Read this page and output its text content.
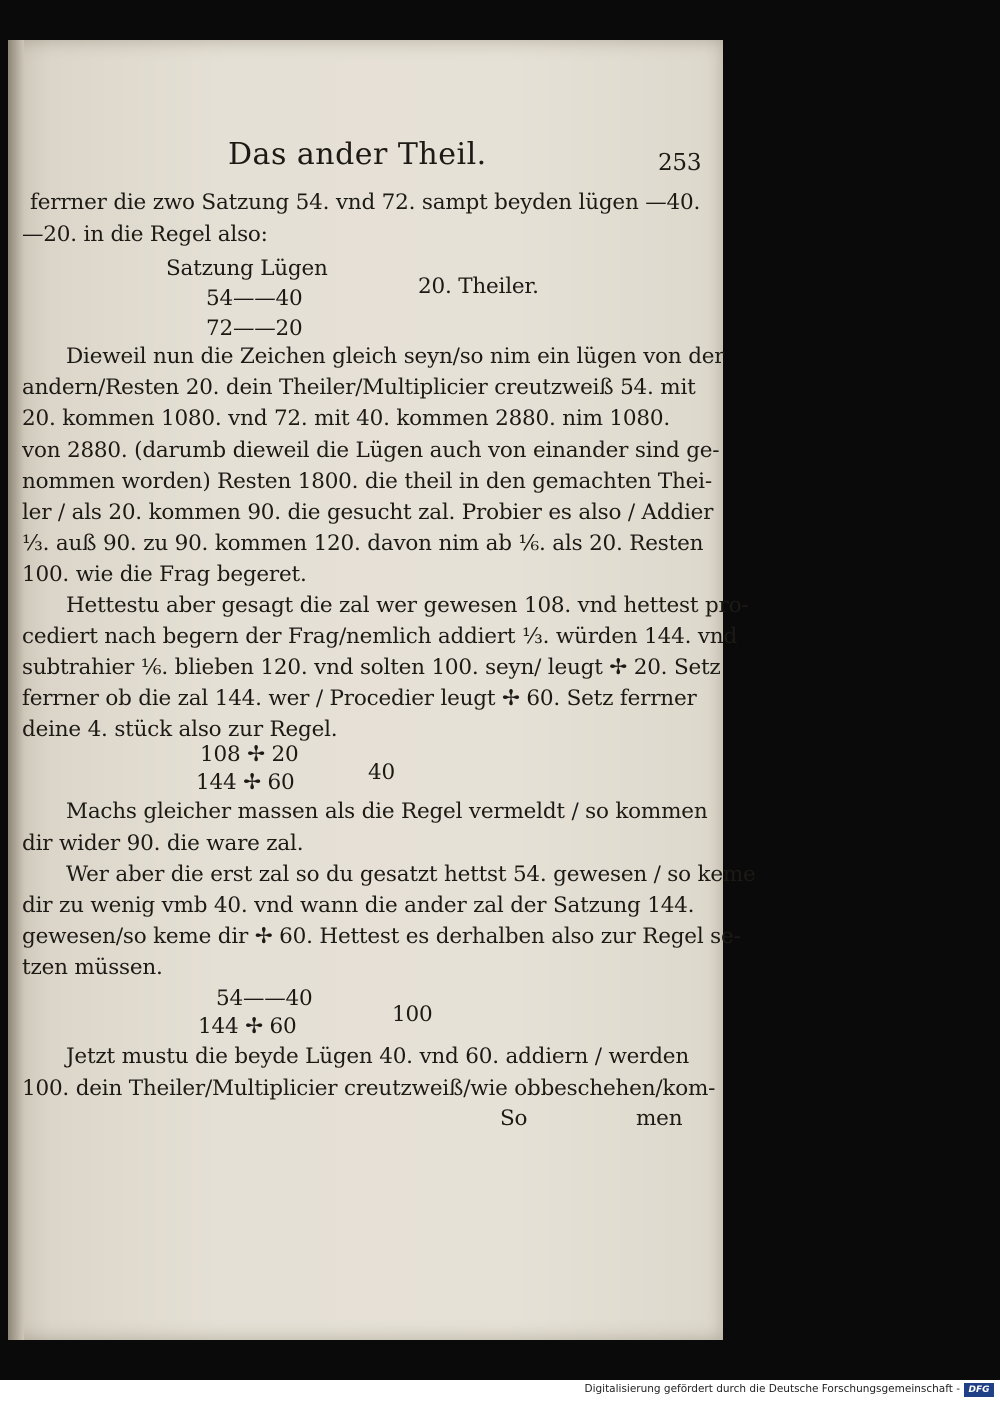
Das ander Theil.	253
ferrner die zwo Satzung 54. vnd 72. sampt beyden lügen —40.
—20. in die Regel also:
Satzung Lügen
20. Theiler.
54——40
72——20
Dieweil nun die Zeichen gleich seyn/so nim ein lügen von der
andern/Resten 20. dein Theiler/Multiplicier creutzweiß 54. mit
20. kommen 1080. vnd 72. mit 40. kommen 2880. nim 1080.
von 2880. (darumb dieweil die Lügen auch von einander sind ge-
nommen worden) Resten 1800. die theil in den gemachten Thei-
ler / als 20. kommen 90. die gesucht zal. Probier es also / Addier
⅓. auß 90. zu 90. kommen 120. davon nim ab ⅙. als 20. Resten
100. wie die Frag begeret.
Hettestu aber gesagt die zal wer gewesen 108. vnd hettest pro-
cediert nach begern der Frag/nemlich addiert ⅓. würden 144. vnd
subtrahier ⅙. blieben 120. vnd solten 100. seyn/ leugt ✢ 20. Setz
ferrner ob die zal 144. wer / Procedier leugt ✢ 60. Setz ferrner
deine 4. stück also zur Regel.
108 ✢ 20
40
144 ✢ 60
Machs gleicher massen als die Regel vermeldt / so kommen
dir wider 90. die ware zal.
Wer aber die erst zal so du gesatzt hettst 54. gewesen / so keme
dir zu wenig vmb 40. vnd wann die ander zal der Satzung 144.
gewesen/so keme dir ✢ 60. Hettest es derhalben also zur Regel se-
tzen müssen.
54——40
100
144 ✢ 60
Jetzt mustu die beyde Lügen 40. vnd 60. addiern / werden
100. dein Theiler/Multiplicier creutzweiß/wie obbeschehen/kom-
So	men
Digitalisierung gefördert durch die Deutsche Forschungsgemeinschaft - DFG
